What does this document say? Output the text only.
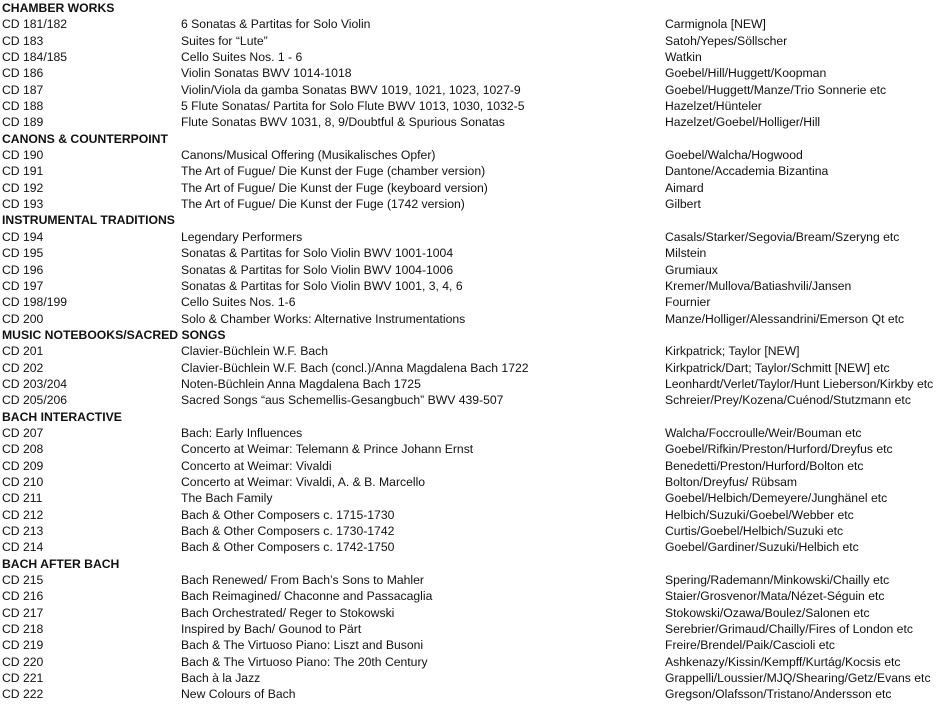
CHAMBER WORKS
CD 181/182	6 Sonatas & Partitas for Solo Violin	Carmignola [NEW]
CD 183	Suites for “Lute”	Satoh/Yepes/Söllscher
CD 184/185	Cello Suites Nos. 1 - 6	Watkin
CD 186	Violin Sonatas BWV 1014-1018	Goebel/Hill/Huggett/Koopman
CD 187	Violin/Viola da gamba Sonatas BWV 1019, 1021, 1023, 1027-9	Goebel/Huggett/Manze/Trio Sonnerie etc
CD 188	5 Flute Sonatas/ Partita for Solo Flute BWV 1013, 1030, 1032-5	Hazelzet/Hünteler
CD 189	Flute Sonatas BWV 1031, 8, 9/Doubtful & Spurious Sonatas	Hazelzet/Goebel/Holliger/Hill
CANONS & COUNTERPOINT
CD 190	Canons/Musical Offering (Musikalisches Opfer)	Goebel/Walcha/Hogwood
CD 191	The Art of Fugue/ Die Kunst der Fuge (chamber version)	Dantone/Accademia Bizantina
CD 192	The Art of Fugue/ Die Kunst der Fuge (keyboard version)	Aimard
CD 193	The Art of Fugue/ Die Kunst der Fuge (1742 version)	Gilbert
INSTRUMENTAL TRADITIONS
CD 194	Legendary Performers	Casals/Starker/Segovia/Bream/Szeryng etc
CD 195	Sonatas & Partitas for Solo Violin BWV 1001-1004	Milstein
CD 196	Sonatas & Partitas for Solo Violin BWV 1004-1006	Grumiaux
CD 197	Sonatas & Partitas for Solo Violin BWV 1001, 3, 4, 6	Kremer/Mullova/Batiashvili/Jansen
CD 198/199	Cello Suites Nos. 1-6	Fournier
CD 200	Solo & Chamber Works: Alternative Instrumentations	Manze/Holliger/Alessandrini/Emerson Qt etc
MUSIC NOTEBOOKS/SACRED SONGS
CD 201	Clavier-Büchlein W.F. Bach	Kirkpatrick; Taylor [NEW]
CD 202	Clavier-Büchlein W.F. Bach (concl.)/Anna Magdalena Bach 1722	Kirkpatrick/Dart; Taylor/Schmitt [NEW] etc
CD 203/204	Noten-Büchlein Anna Magdalena Bach 1725	Leonhardt/Verlet/Taylor/Hunt Lieberson/Kirkby etc
CD 205/206	Sacred Songs “aus Schemellis-Gesangbuch” BWV 439-507	Schreier/Prey/Kozena/Cuénod/Stutzmann etc
BACH INTERACTIVE
CD 207	Bach: Early Influences	Walcha/Foccroulle/Weir/Bouman etc
CD 208	Concerto at Weimar: Telemann & Prince Johann Ernst	Goebel/Rifkin/Preston/Hurford/Dreyfus etc
CD 209	Concerto at Weimar: Vivaldi	Benedetti/Preston/Hurford/Bolton etc
CD 210	Concerto at Weimar: Vivaldi, A. & B. Marcello	Bolton/Dreyfus/ Rübsam
CD 211	The Bach Family	Goebel/Helbich/Demeyere/Junghänel etc
CD 212	Bach & Other Composers c. 1715-1730	Helbich/Suzuki/Goebel/Webber etc
CD 213	Bach & Other Composers c. 1730-1742	Curtis/Goebel/Helbich/Suzuki etc
CD 214	Bach & Other Composers c. 1742-1750	Goebel/Gardiner/Suzuki/Helbich etc
BACH AFTER BACH
CD 215	Bach Renewed/ From Bach’s Sons to Mahler	Spering/Rademann/Minkowski/Chailly etc
CD 216	Bach Reimagined/ Chaconne and Passacaglia	Staier/Grosvenor/Mata/Nézet-Séguin etc
CD 217	Bach Orchestrated/ Reger to Stokowski	Stokowski/Ozawa/Boulez/Salonen etc
CD 218	Inspired by Bach/ Gounod to Pärt	Serebrier/Grimaud/Chailly/Fires of London etc
CD 219	Bach & The Virtuoso Piano: Liszt and Busoni	Freire/Brendel/Paik/Cascioli etc
CD 220	Bach & The Virtuoso Piano: The 20th Century	Ashkenazy/Kissin/Kempff/Kurtág/Kocsis etc
CD 221	Bach à la Jazz	Grappelli/Loussier/MJQ/Shearing/Getz/Evans etc
CD 222	New Colours of Bach	Gregson/Olafsson/Tristano/Andersson etc
